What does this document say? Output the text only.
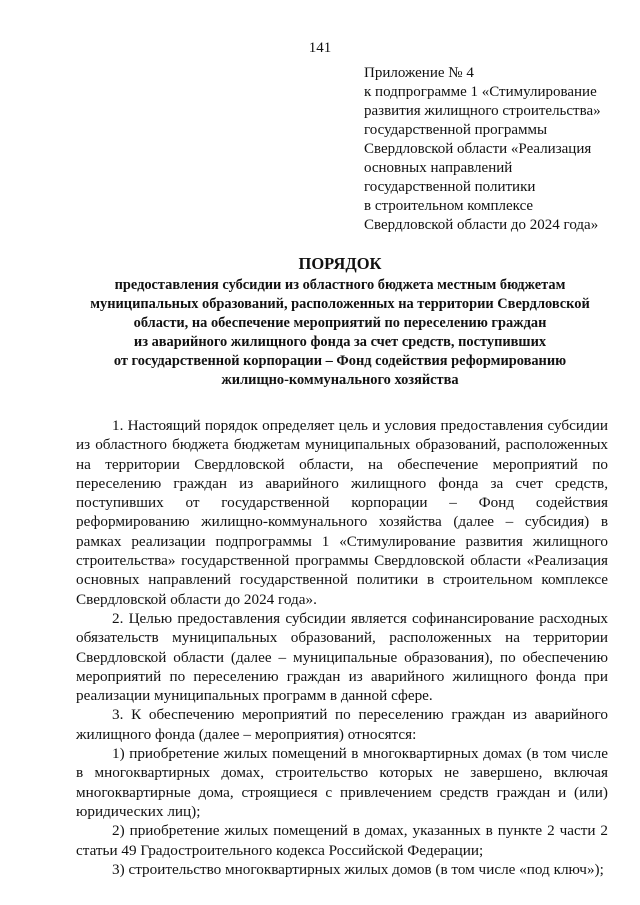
141
Приложение № 4
к подпрограмме 1 «Стимулирование
развития жилищного строительства»
государственной программы
Свердловской области «Реализация
основных направлений
государственной политики
в строительном комплексе
Свердловской области до 2024 года»
ПОРЯДОК
предоставления субсидии из областного бюджета местным бюджетам
муниципальных образований, расположенных на территории Свердловской
области, на обеспечение мероприятий по переселению граждан
из аварийного жилищного фонда за счет средств, поступивших
от государственной корпорации – Фонд содействия реформированию
жилищно-коммунального хозяйства

1. Настоящий порядок определяет цель и условия предоставления субсидии из областного бюджета бюджетам муниципальных образований, расположенных на территории Свердловской области, на обеспечение мероприятий по переселению граждан из аварийного жилищного фонда за счет средств, поступивших от государственной корпорации – Фонд содействия реформированию жилищно-коммунального хозяйства (далее – субсидия) в рамках реализации подпрограммы 1 «Стимулирование развития жилищного строительства» государственной программы Свердловской области «Реализация основных направлений государственной политики в строительном комплексе Свердловской области до 2024 года».

2. Целью предоставления субсидии является софинансирование расходных обязательств муниципальных образований, расположенных на территории Свердловской области (далее – муниципальные образования), по обеспечению мероприятий по переселению граждан из аварийного жилищного фонда при реализации муниципальных программ в данной сфере.

3. К обеспечению мероприятий по переселению граждан из аварийного жилищного фонда (далее – мероприятия) относятся:

1) приобретение жилых помещений в многоквартирных домах (в том числе в многоквартирных домах, строительство которых не завершено, включая многоквартирные дома, строящиеся с привлечением средств граждан и (или) юридических лиц);

2) приобретение жилых помещений в домах, указанных в пункте 2 части 2 статьи 49 Градостроительного кодекса Российской Федерации;

3) строительство многоквартирных жилых домов (в том числе «под ключ»);
